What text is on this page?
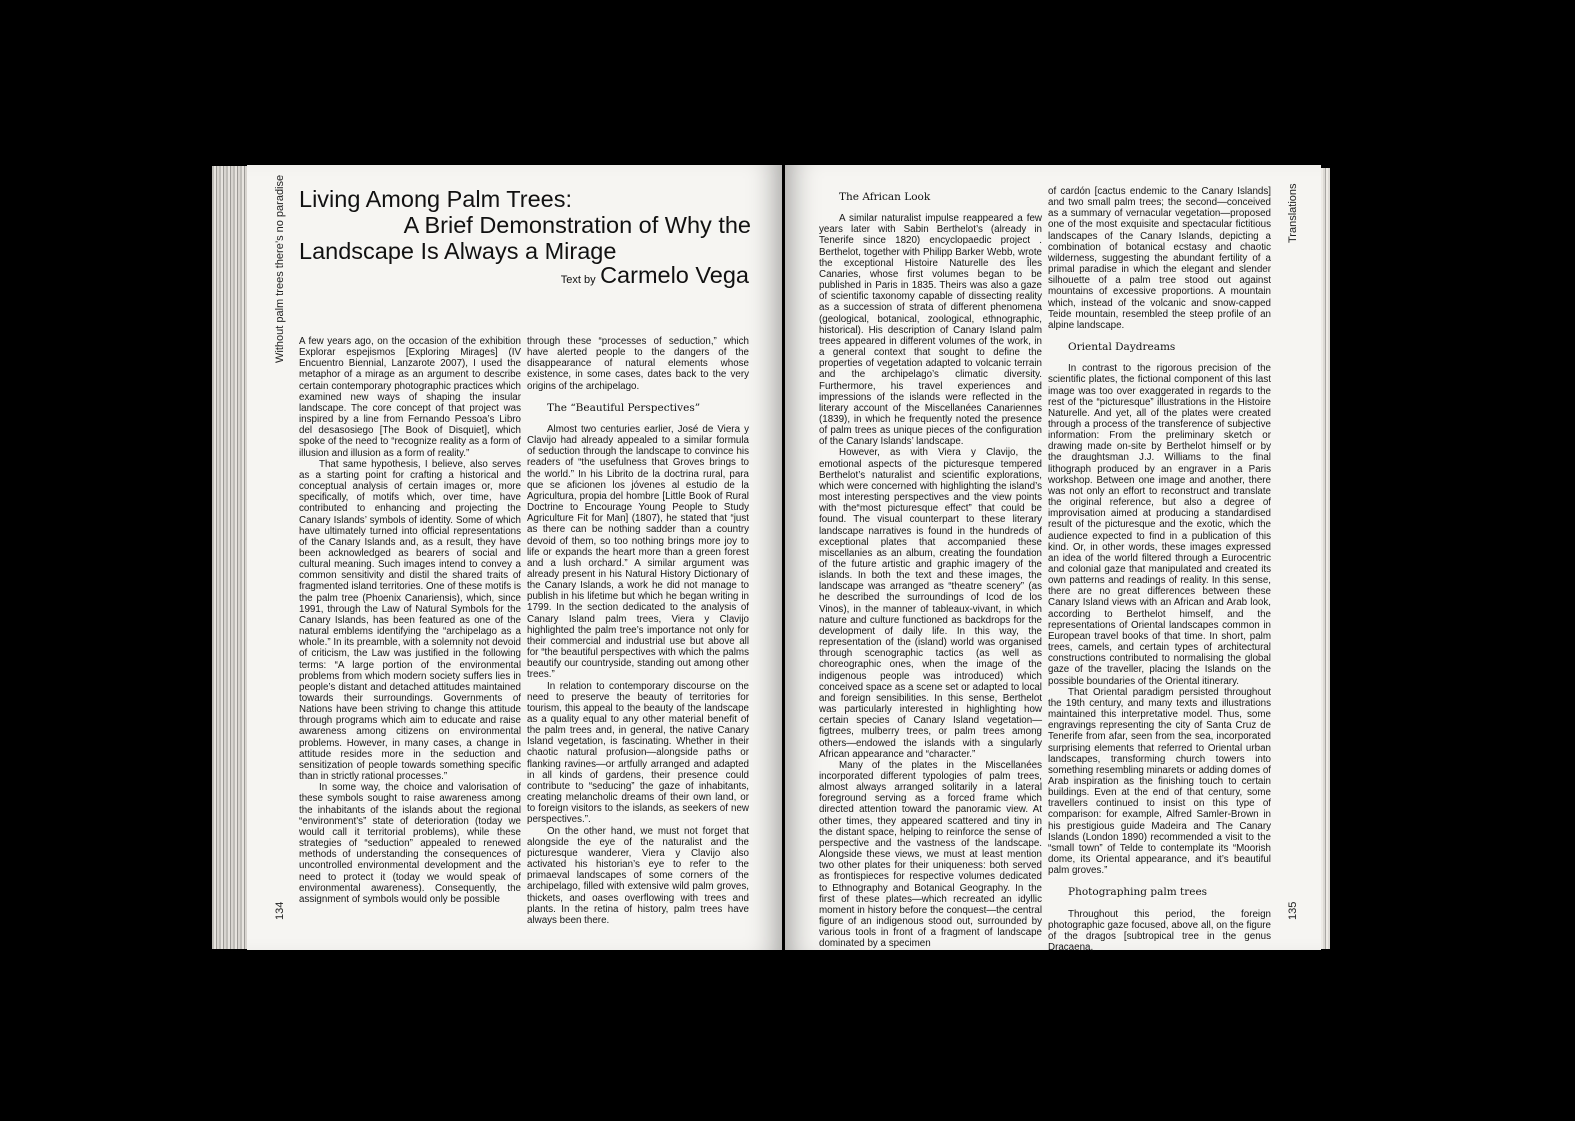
Without palm trees there’s no paradise
134
Translations
135
Living Among Palm Trees:
A Brief Demonstration of Why the
Landscape Is Always a Mirage
Text by Carmelo Vega

A few years ago, on the occasion of the exhibition Explorar espejismos [Exploring Mirages] (IV Encuentro Biennial, Lanzarote 2007), I used the metaphor of a mirage as an argument to describe certain contemporary photographic practices which examined new ways of shaping the insular landscape. The core concept of that project was inspired by a line from Fernando Pessoa’s Libro del desasosiego [The Book of Disquiet], which spoke of the need to “recognize reality as a form of illusion and illusion as a form of reality.”

That same hypothesis, I believe, also serves as a starting point for crafting a historical and conceptual analysis of certain images or, more specifically, of motifs which, over time, have contributed to enhancing and projecting the Canary Islands’ symbols of identity. Some of which have ultimately turned into official representations of the Canary Islands and, as a result, they have been acknowledged as bearers of social and cultural meaning. Such images intend to convey a common sensitivity and distil the shared traits of fragmented island territories. One of these motifs is the palm tree (Phoenix Canariensis), which, since 1991, through the Law of Natural Symbols for the Canary Islands, has been featured as one of the natural emblems identifying the “archipelago as a whole.” In its preamble, with a solemnity not devoid of criticism, the Law was justified in the following terms: “A large portion of the environmental problems from which modern society suffers lies in people’s distant and detached attitudes maintained towards their surroundings. Governments of Nations have been striving to change this attitude through programs which aim to educate and raise awareness among citizens on environmental problems. However, in many cases, a change in attitude resides more in the seduction and sensitization of people towards something specific than in strictly rational processes.”

In some way, the choice and valorisation of these symbols sought to raise awareness among the inhabitants of the islands about the regional “environment’s” state of deterioration (today we would call it territorial problems), while these strategies of “seduction” appealed to renewed methods of understanding the consequences of uncontrolled environmental development and the need to protect it (today we would speak of environmental awareness). Consequently, the assignment of symbols would only be possible

through these “processes of seduction,” which have alerted people to the dangers of the disappearance of natural elements whose existence, in some cases, dates back to the very origins of the archipelago.

The “Beautiful Perspectives”

Almost two centuries earlier, José de Viera y Clavijo had already appealed to a similar formula of seduction through the landscape to convince his readers of “the usefulness that Groves brings to the world.” In his Librito de la doctrina rural, para que se aficionen los jóvenes al estudio de la Agricultura, propia del hombre [Little Book of Rural Doctrine to Encourage Young People to Study Agriculture Fit for Man] (1807), he stated that “just as there can be nothing sadder than a country devoid of them, so too nothing brings more joy to life or expands the heart more than a green forest and a lush orchard.” A similar argument was already present in his Natural History Dictionary of the Canary Islands, a work he did not manage to publish in his lifetime but which he began writing in 1799. In the section dedicated to the analysis of Canary Island palm trees, Viera y Clavijo highlighted the palm tree’s importance not only for their commercial and industrial use but above all for “the beautiful perspectives with which the palms beautify our countryside, standing out among other trees.”

In relation to contemporary discourse on the need to preserve the beauty of territories for tourism, this appeal to the beauty of the landscape as a quality equal to any other material benefit of the palm trees and, in general, the native Canary Island vegetation, is fascinating. Whether in their chaotic natural profusion—alongside paths or flanking ravines—or artfully arranged and adapted in all kinds of gardens, their presence could contribute to “seducing” the gaze of inhabitants, creating melancholic dreams of their own land, or to foreign visitors to the islands, as seekers of new perspectives.”.

On the other hand, we must not forget that alongside the eye of the naturalist and the picturesque wanderer, Viera y Clavijo also activated his historian’s eye to refer to the primaeval landscapes of some corners of the archipelago, filled with extensive wild palm groves, thickets, and oases overflowing with trees and plants. In the retina of history, palm trees have always been there.

The African Look

A similar naturalist impulse reappeared a few years later with Sabin Berthelot’s (already in Tenerife since 1820) encyclopaedic project . Berthelot, together with Philipp Barker Webb, wrote the exceptional Histoire Naturelle des Îles Canaries, whose first volumes began to be published in Paris in 1835. Theirs was also a gaze of scientific taxonomy capable of dissecting reality as a succession of strata of different phenomena (geological, botanical, zoological, ethnographic, historical). His description of Canary Island palm trees appeared in different volumes of the work, in a general context that sought to define the properties of vegetation adapted to volcanic terrain and the archipelago’s climatic diversity. Furthermore, his travel experiences and impressions of the islands were reflected in the literary account of the Miscellanées Canariennes (1839), in which he frequently noted the presence of palm trees as unique pieces of the configuration of the Canary Islands’ landscape.

However, as with Viera y Clavijo, the emotional aspects of the picturesque tempered Berthelot’s naturalist and scientific explorations, which were concerned with highlighting the island’s most interesting perspectives and the view points with the“most picturesque effect” that could be found. The visual counterpart to these literary landscape narratives is found in the hundreds of exceptional plates that accompanied these miscellanies as an album, creating the foundation of the future artistic and graphic imagery of the islands. In both the text and these images, the landscape was arranged as “theatre scenery” (as he described the surroundings of Icod de los Vinos), in the manner of tableaux-vivant, in which nature and culture functioned as backdrops for the development of daily life. In this way, the representation of the (island) world was organised through scenographic tactics (as well as choreographic ones, when the image of the indigenous people was introduced) which conceived space as a scene set or adapted to local and foreign sensibilities. In this sense, Berthelot was particularly interested in highlighting how certain species of Canary Island vegetation—figtrees, mulberry trees, or palm trees among others—endowed the islands with a singularly African appearance and “character.”

Many of the plates in the Miscellanées incorporated different typologies of palm trees, almost always arranged solitarily in a lateral foreground serving as a forced frame which directed attention toward the panoramic view. At other times, they appeared scattered and tiny in the distant space, helping to reinforce the sense of perspective and the vastness of the landscape. Alongside these views, we must at least mention two other plates for their uniqueness: both served as frontispieces for respective volumes dedicated to Ethnography and Botanical Geography. In the first of these plates—which recreated an idyllic moment in history before the conquest—the central figure of an indigenous stood out, surrounded by various tools in front of a fragment of landscape dominated by a specimen

of cardón [cactus endemic to the Canary Islands] and two small palm trees; the second—conceived as a summary of vernacular vegetation—proposed one of the most exquisite and spectacular fictitious landscapes of the Canary Islands, depicting a combination of botanical ecstasy and chaotic wilderness, suggesting the abundant fertility of a primal paradise in which the elegant and slender silhouette of a palm tree stood out against mountains of excessive proportions. A mountain which, instead of the volcanic and snow-capped Teide mountain, resembled the steep profile of an alpine landscape.

Oriental Daydreams

In contrast to the rigorous precision of the scientific plates, the fictional component of this last image was too over exaggerated in regards to the rest of the “picturesque” illustrations in the Histoire Naturelle. And yet, all of the plates were created through a process of the transference of subjective information: From the preliminary sketch or drawing made on-site by Berthelot himself or by the draughtsman J.J. Williams to the final lithograph produced by an engraver in a Paris workshop. Between one image and another, there was not only an effort to reconstruct and translate the original reference, but also a degree of improvisation aimed at producing a standardised result of the picturesque and the exotic, which the audience expected to find in a publication of this kind. Or, in other words, these images expressed an idea of the world filtered through a Eurocentric and colonial gaze that manipulated and created its own patterns and readings of reality. In this sense, there are no great differences between these Canary Island views with an African and Arab look, according to Berthelot himself, and the representations of Oriental landscapes common in European travel books of that time. In short, palm trees, camels, and certain types of architectural constructions contributed to normalising the global gaze of the traveller, placing the Islands on the possible boundaries of the Oriental itinerary.

That Oriental paradigm persisted throughout the 19th century, and many texts and illustrations maintained this interpretative model. Thus, some engravings representing the city of Santa Cruz de Tenerife from afar, seen from the sea, incorporated surprising elements that referred to Oriental urban landscapes, transforming church towers into something resembling minarets or adding domes of Arab inspiration as the finishing touch to certain buildings. Even at the end of that century, some travellers continued to insist on this type of comparison: for example, Alfred Samler-Brown in his prestigious guide Madeira and The Canary Islands (London 1890) recommended a visit to the “small town” of Telde to contemplate its “Moorish dome, its Oriental appearance, and it’s beautiful palm groves.”

Photographing palm trees

Throughout this period, the foreign photographic gaze focused, above all, on the figure of the dragos [subtropical tree in the genus Dracaena,
